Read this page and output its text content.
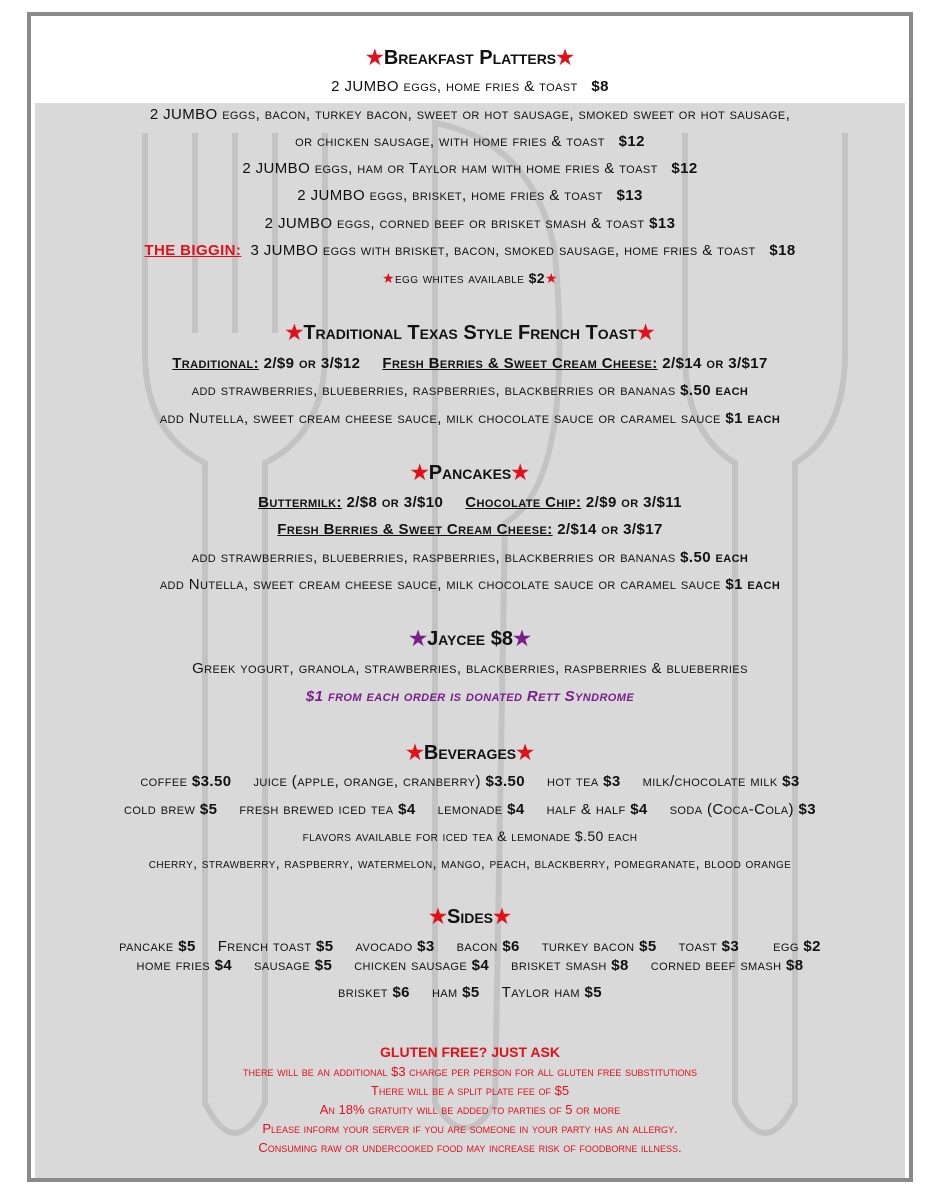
★Breakfast Platters★
2 JUMBO eggs, home fries & toast $8
2 JUMBO eggs, bacon, turkey bacon, sweet or hot sausage, smoked sweet or hot sausage,
or chicken sausage, with home fries & toast $12
2 JUMBO eggs, ham or Taylor ham with home fries & toast $12
2 JUMBO eggs, brisket, home fries & toast $13
2 JUMBO eggs, corned beef or brisket smash & toast $13
THE BIGGIN: 3 JUMBO eggs with brisket, bacon, smoked sausage, home fries & toast $18
★egg whites available $2★
★Traditional Texas Style French Toast★
Traditional: 2/$9 or 3/$12 Fresh Berries & Sweet Cream Cheese: 2/$14 or 3/$17
add strawberries, blueberries, raspberries, blackberries or bananas $.50 each
add Nutella, sweet cream cheese sauce, milk chocolate sauce or caramel sauce $1 each
★Pancakes★
Buttermilk: 2/$8 or 3/$10 Chocolate Chip: 2/$9 or 3/$11
Fresh Berries & Sweet Cream Cheese: 2/$14 or 3/$17
add strawberries, blueberries, raspberries, blackberries or bananas $.50 each
add Nutella, sweet cream cheese sauce, milk chocolate sauce or caramel sauce $1 each
★Jaycee $8★
Greek yogurt, granola, strawberries, blackberries, raspberries & blueberries
$1 from each order is donated Rett Syndrome
★Beverages★
coffee $3.50 juice (apple, orange, cranberry) $3.50 hot tea $3 milk/chocolate milk $3
cold brew $5 fresh brewed iced tea $4 lemonade $4 half & half $4 soda (Coca-Cola) $3
flavors available for iced tea & lemonade $.50 each
cherry, strawberry, raspberry, watermelon, mango, peach, blackberry, pomegranate, blood orange
★Sides★
pancake $5 French toast $5 avocado $3 bacon $6 turkey bacon $5 toast $3 egg $2
home fries $4 sausage $5 chicken sausage $4 brisket smash $8 corned beef smash $8
brisket $6 ham $5 Taylor ham $5
GLUTEN FREE? JUST ASK
there will be an additional $3 charge per person for all gluten free substitutions
There will be a split plate fee of $5
An 18% gratuity will be added to parties of 5 or more
Please inform your server if you are someone in your party has an allergy.
Consuming raw or undercooked food may increase risk of foodborne illness.
